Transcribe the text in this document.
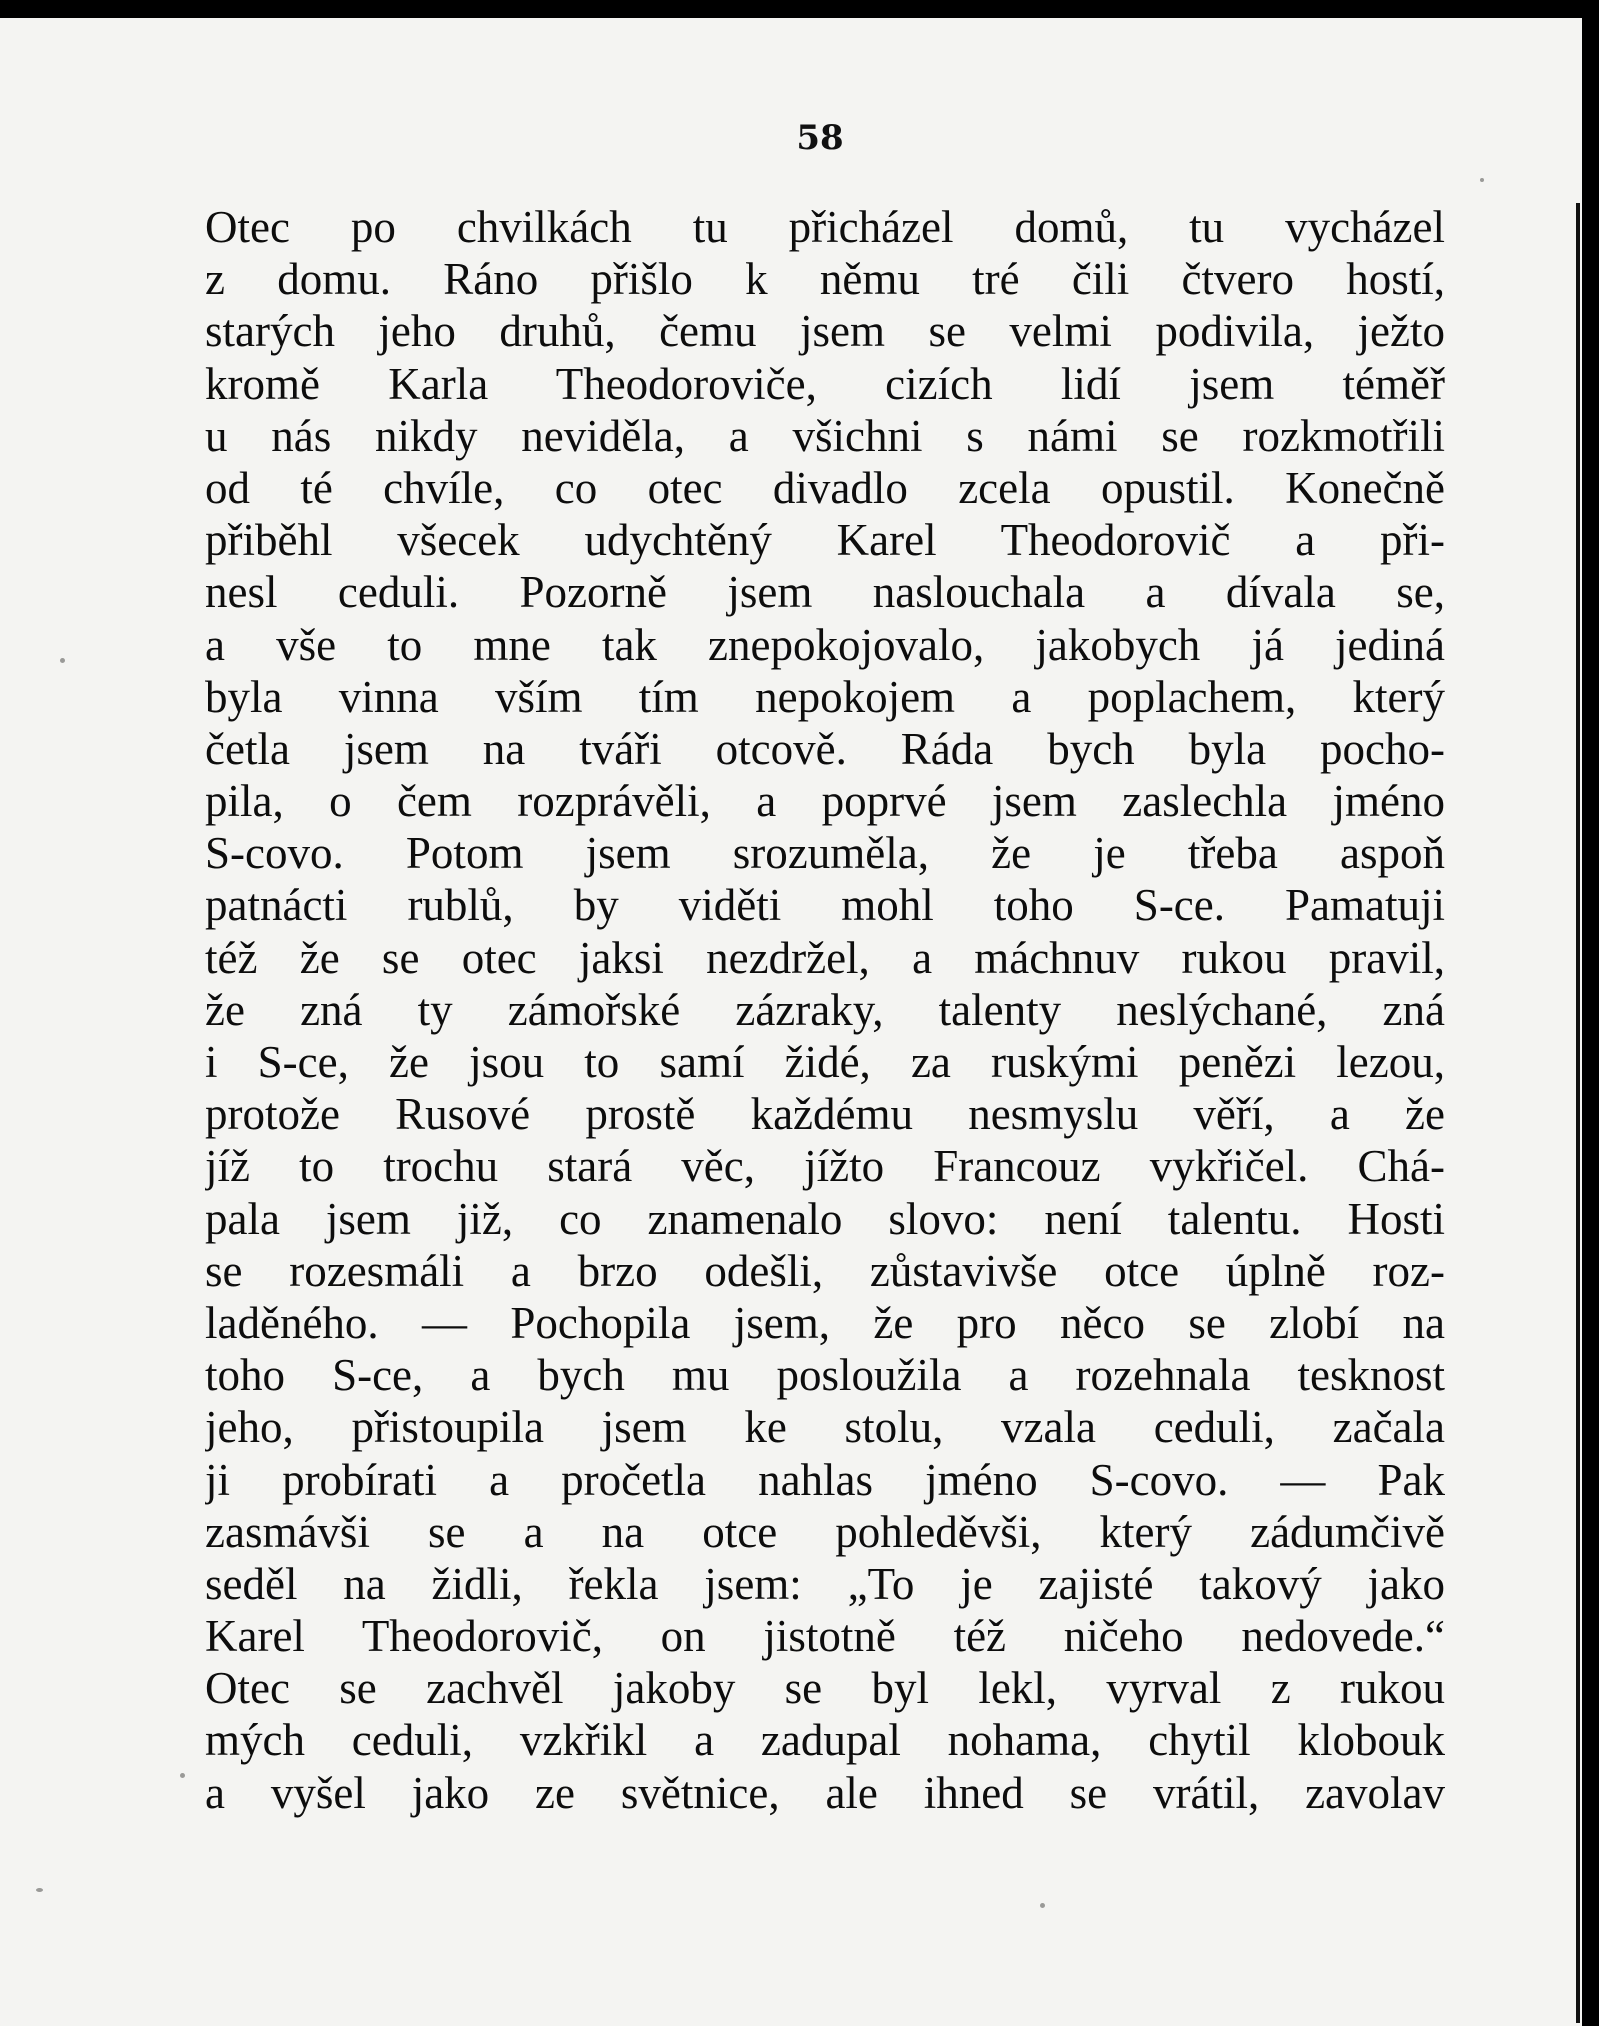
58
Otec po chvilkách tu přicházel domů, tu vycházel
z domu. Ráno přišlo k němu tré čili čtvero hostí,
starých jeho druhů, čemu jsem se velmi podivila, ježto
kromě Karla Theodoroviče, cizích lidí jsem téměř
u nás nikdy neviděla, a všichni s námi se rozkmotřili
od té chvíle, co otec divadlo zcela opustil. Konečně
přiběhl všecek udychtěný Karel Theodorovič a při-
nesl ceduli. Pozorně jsem naslouchala a dívala se,
a vše to mne tak znepokojovalo, jakobych já jediná
byla vinna vším tím nepokojem a poplachem, který
četla jsem na tváři otcově. Ráda bych byla pocho-
pila, o čem rozprávěli, a poprvé jsem zaslechla jméno
S-covo. Potom jsem srozuměla, že je třeba aspoň
patnácti rublů, by viděti mohl toho S-ce. Pamatuji
též že se otec jaksi nezdržel, a máchnuv rukou pravil,
že zná ty zámořské zázraky, talenty neslýchané, zná
i S-ce, že jsou to samí židé, za ruskými penězi lezou,
protože Rusové prostě každému nesmyslu věří, a že
jíž to trochu stará věc, jížto Francouz vykřičel. Chá-
pala jsem již, co znamenalo slovo: není talentu. Hosti
se rozesmáli a brzo odešli, zůstavivše otce úplně roz-
laděného. — Pochopila jsem, že pro něco se zlobí na
toho S-ce, a bych mu posloužila a rozehnala tesknost
jeho, přistoupila jsem ke stolu, vzala ceduli, začala
ji probírati a pročetla nahlas jméno S-covo. — Pak
zasmávši se a na otce pohleděvši, který zádumčivě
seděl na židli, řekla jsem: „To je zajisté takový jako
Karel Theodorovič, on jistotně též ničeho nedovede.“
Otec se zachvěl jakoby se byl lekl, vyrval z rukou
mých ceduli, vzkřikl a zadupal nohama, chytil klobouk
a vyšel jako ze světnice, ale ihned se vrátil, zavolav
